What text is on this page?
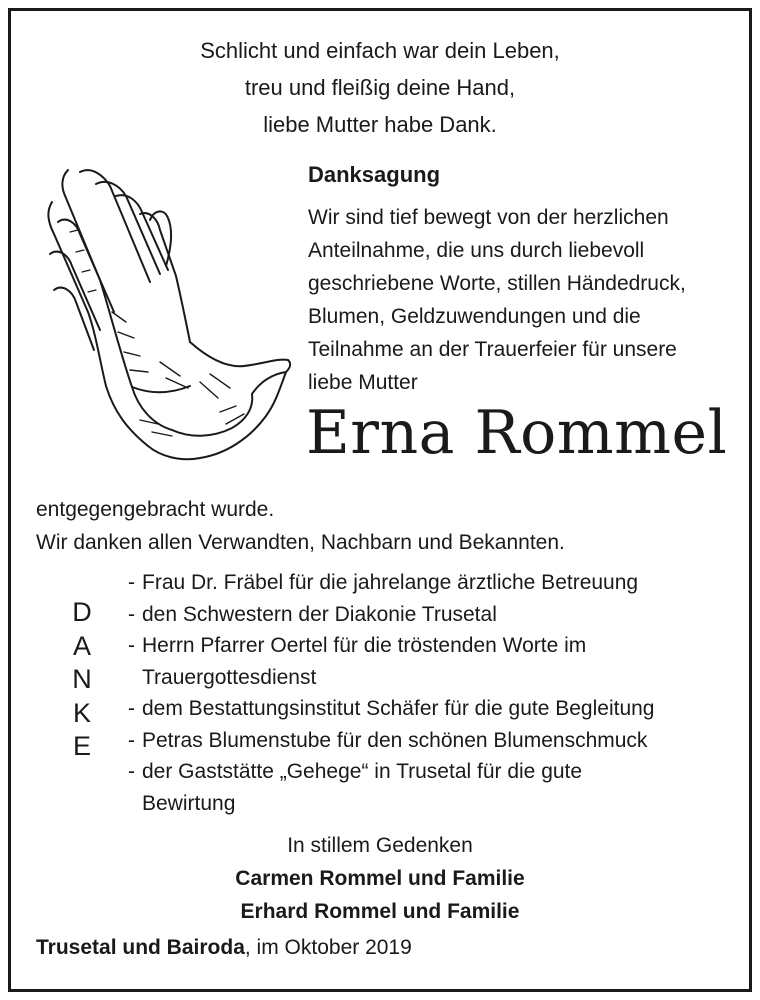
Schlicht und einfach war dein Leben,
treu und fleißig deine Hand,
liebe Mutter habe Dank.
Danksagung
Wir sind tief bewegt von der herzlichen
Anteilnahme, die uns durch liebevoll
geschriebene Worte, stillen Händedruck,
Blumen, Geldzuwendungen und die
Teilnahme an der Trauerfeier für unsere
liebe Mutter
Erna Rommel
entgegengebracht wurde.
Wir danken allen Verwandten, Nachbarn und Bekannten.
D
A
N
K
E
- Frau Dr. Fräbel für die jahrelange ärztliche Betreuung
- den Schwestern der Diakonie Trusetal
- Herrn Pfarrer Oertel für die tröstenden Worte im
Trauergottesdienst
- dem Bestattungsinstitut Schäfer für die gute Begleitung
- Petras Blumenstube für den schönen Blumenschmuck
- der Gaststätte „Gehege“ in Trusetal für die gute
Bewirtung
In stillem Gedenken
Carmen Rommel und Familie
Erhard Rommel und Familie
Trusetal und Bairoda, im Oktober 2019
